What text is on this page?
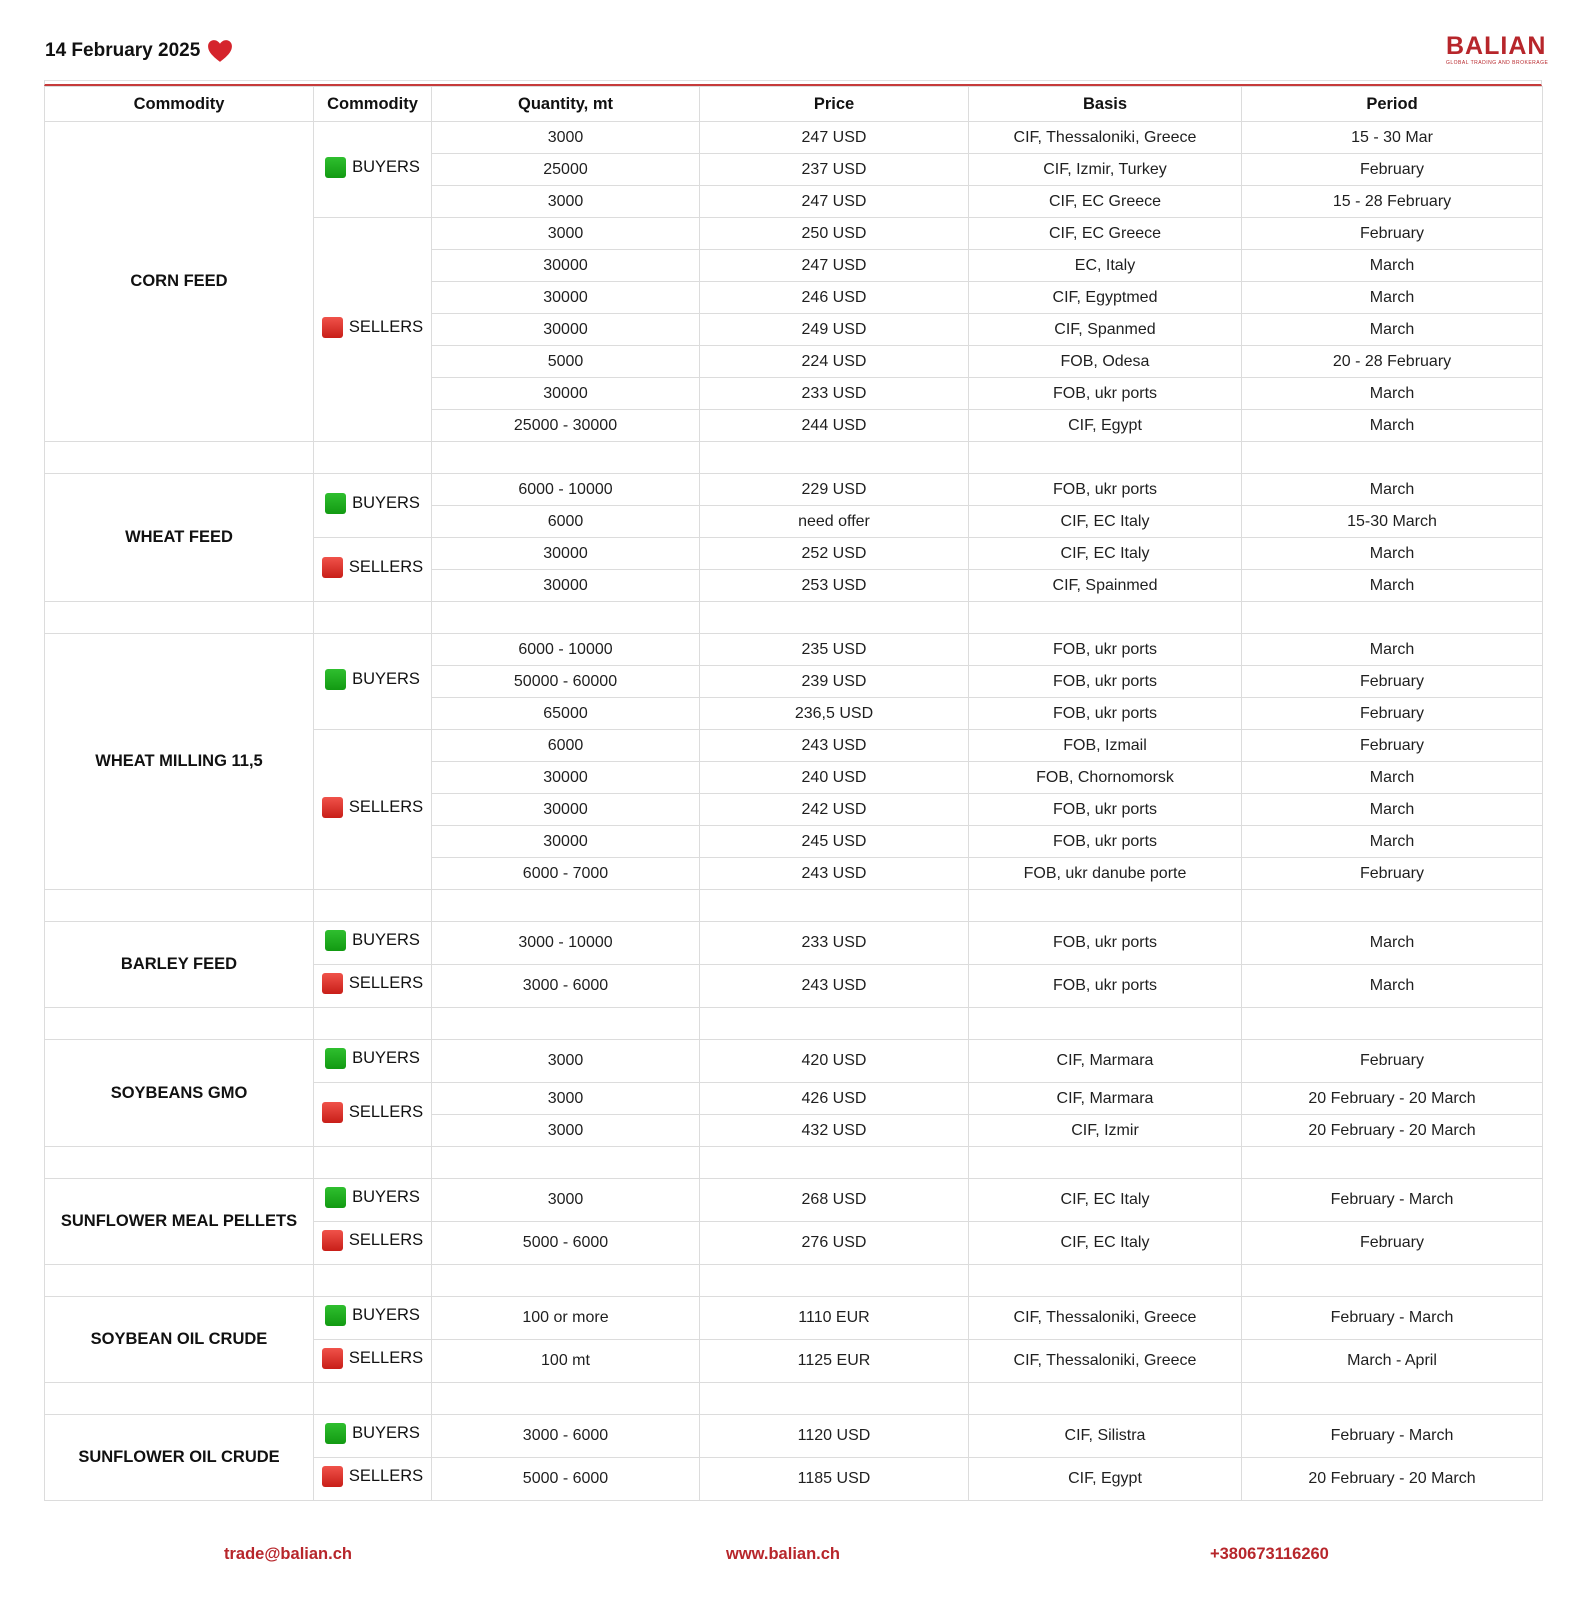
14 February 2025	BALIAN
GLOBAL TRADING AND BROKERAGE
Commodity	Commodity	Quantity, mt	Price	Basis	Period
CORN FEED	BUYERS	3000	247 USD	CIF, Thessaloniki, Greece	15 - 30 Mar
		25000	237 USD	CIF, Izmir, Turkey	February
		3000	247 USD	CIF, EC Greece	15 - 28 February

	SELLERS	3000	250 USD	CIF, EC Greece	February
		30000	247 USD	EC, Italy	March
		30000	246 USD	CIF, Egyptmed	March
		30000	249 USD	CIF, Spanmed	March
		5000	224 USD	FOB, Odesa	20 - 28 February
		30000	233 USD	FOB, ukr ports	March
		25000 - 30000	244 USD	CIF, Egypt	March

WHEAT FEED	BUYERS	6000 - 10000	229 USD	FOB, ukr ports	March
		6000	need offer	CIF, EC Italy	15-30 March

	SELLERS	30000	252 USD	CIF, EC Italy	March
		30000	253 USD	CIF, Spainmed	March

WHEAT MILLING 11,5	BUYERS	6000 - 10000	235 USD	FOB, ukr ports	March
		50000 - 60000	239 USD	FOB, ukr ports	February
		65000	236,5 USD	FOB, ukr ports	February

	SELLERS	6000	243 USD	FOB, Izmail	February
		30000	240 USD	FOB, Chornomorsk	March
		30000	242 USD	FOB, ukr ports	March
		30000	245 USD	FOB, ukr ports	March
		6000 - 7000	243 USD	FOB, ukr danube porte	February

BARLEY FEED	BUYERS	3000 - 10000	233 USD	FOB, ukr ports	March

	SELLERS	3000 - 6000	243 USD	FOB, ukr ports	March

SOYBEANS GMO	BUYERS	3000	420 USD	CIF, Marmara	February

	SELLERS	3000	426 USD	CIF, Marmara	20 February - 20 March
		3000	432 USD	CIF, Izmir	20 February - 20 March

SUNFLOWER MEAL PELLETS	BUYERS	3000	268 USD	CIF, EC Italy	February - March

	SELLERS	5000 - 6000	276 USD	CIF, EC Italy	February

SOYBEAN OIL CRUDE	BUYERS	100 or more	1110 EUR	CIF, Thessaloniki, Greece	February - March

	SELLERS	100 mt	1125 EUR	CIF, Thessaloniki, Greece	March - April

SUNFLOWER OIL CRUDE	BUYERS	3000 - 6000	1120 USD	CIF, Silistra	February - March

	SELLERS	5000 - 6000	1185 USD	CIF, Egypt	20 February - 20 March
trade@balian.ch	www.balian.ch	+380673116260
